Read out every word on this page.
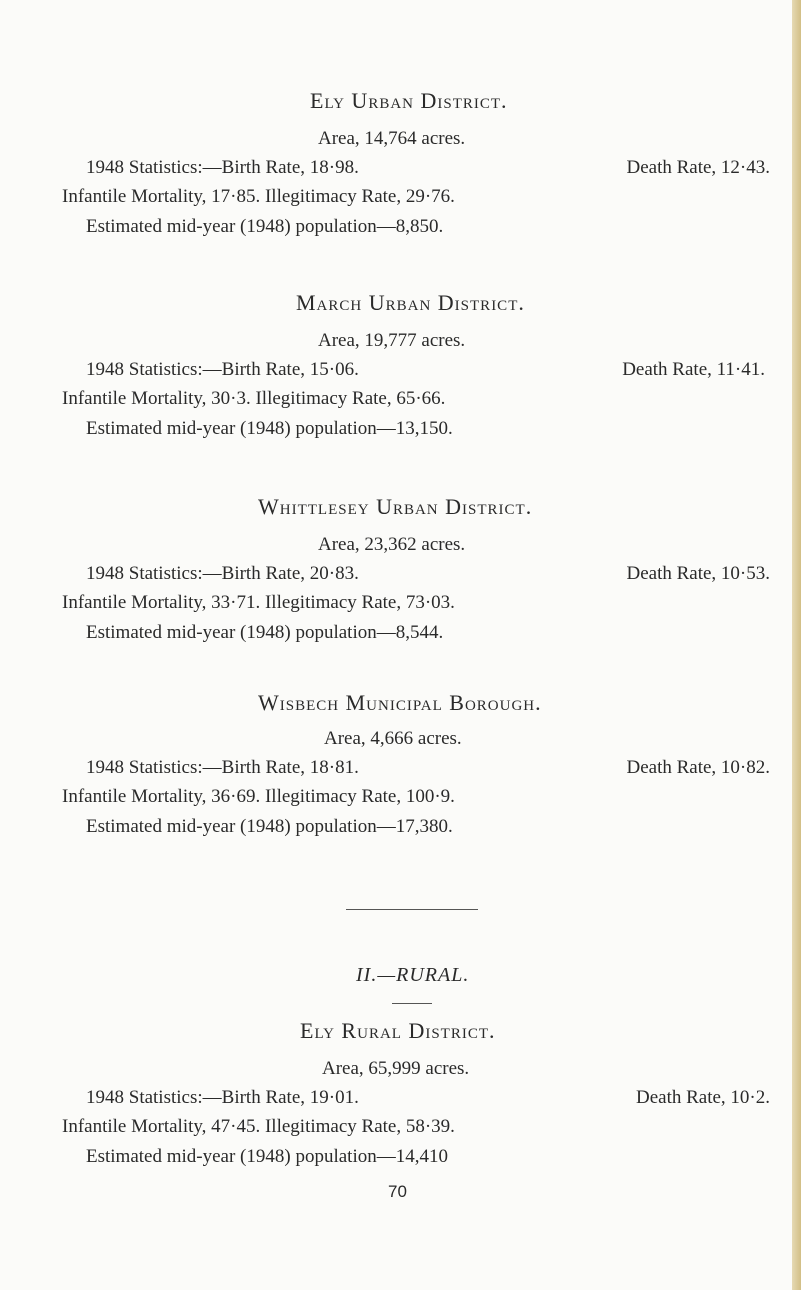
Ely Urban District.
Area, 14,764 acres.
1948 Statistics:—Birth Rate, 18·98.	Death Rate, 12·43.
Infantile Mortality, 17·85. Illegitimacy Rate, 29·76.
Estimated mid-year (1948) population—8,850.
March Urban District.
Area, 19,777 acres.
1948 Statistics:—Birth Rate, 15·06.	Death Rate, 11·41.
Infantile Mortality, 30·3. Illegitimacy Rate, 65·66.
Estimated mid-year (1948) population—13,150.
Whittlesey Urban District.
Area, 23,362 acres.
1948 Statistics:—Birth Rate, 20·83.	Death Rate, 10·53.
Infantile Mortality, 33·71. Illegitimacy Rate, 73·03.
Estimated mid-year (1948) population—8,544.
Wisbech Municipal Borough.
Area, 4,666 acres.
1948 Statistics:—Birth Rate, 18·81.	Death Rate, 10·82.
Infantile Mortality, 36·69. Illegitimacy Rate, 100·9.
Estimated mid-year (1948) population—17,380.
II.—RURAL.
Ely Rural District.
Area, 65,999 acres.
1948 Statistics:—Birth Rate, 19·01.	Death Rate, 10·2.
Infantile Mortality, 47·45. Illegitimacy Rate, 58·39.
Estimated mid-year (1948) population—14,410
70
